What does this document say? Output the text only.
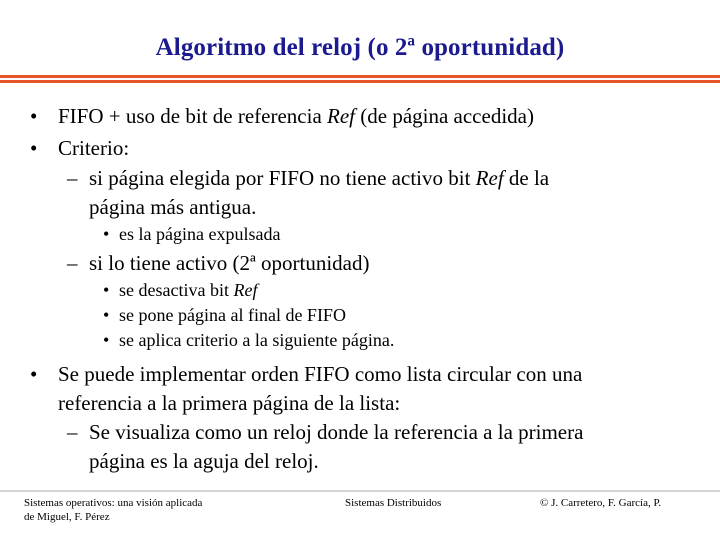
Algoritmo del reloj (o 2ª oportunidad)
• FIFO + uso de bit de referencia Ref (de página accedida)
• Criterio:
– si página elegida por FIFO no tiene activo bit Ref de la
página más antigua.
• es la página expulsada
– si lo tiene activo (2ª oportunidad)
• se desactiva bit Ref
• se pone página al final de FIFO
• se aplica criterio a la siguiente página.
• Se puede implementar orden FIFO como lista circular con una
referencia a la primera página de la lista:
– Se visualiza como un reloj donde la referencia a la primera
página es la aguja del reloj.
Sistemas operativos: una visión aplicada
de Miguel, F. Pérez
Sistemas Distribuidos	© J. Carretero, F. García, P.
